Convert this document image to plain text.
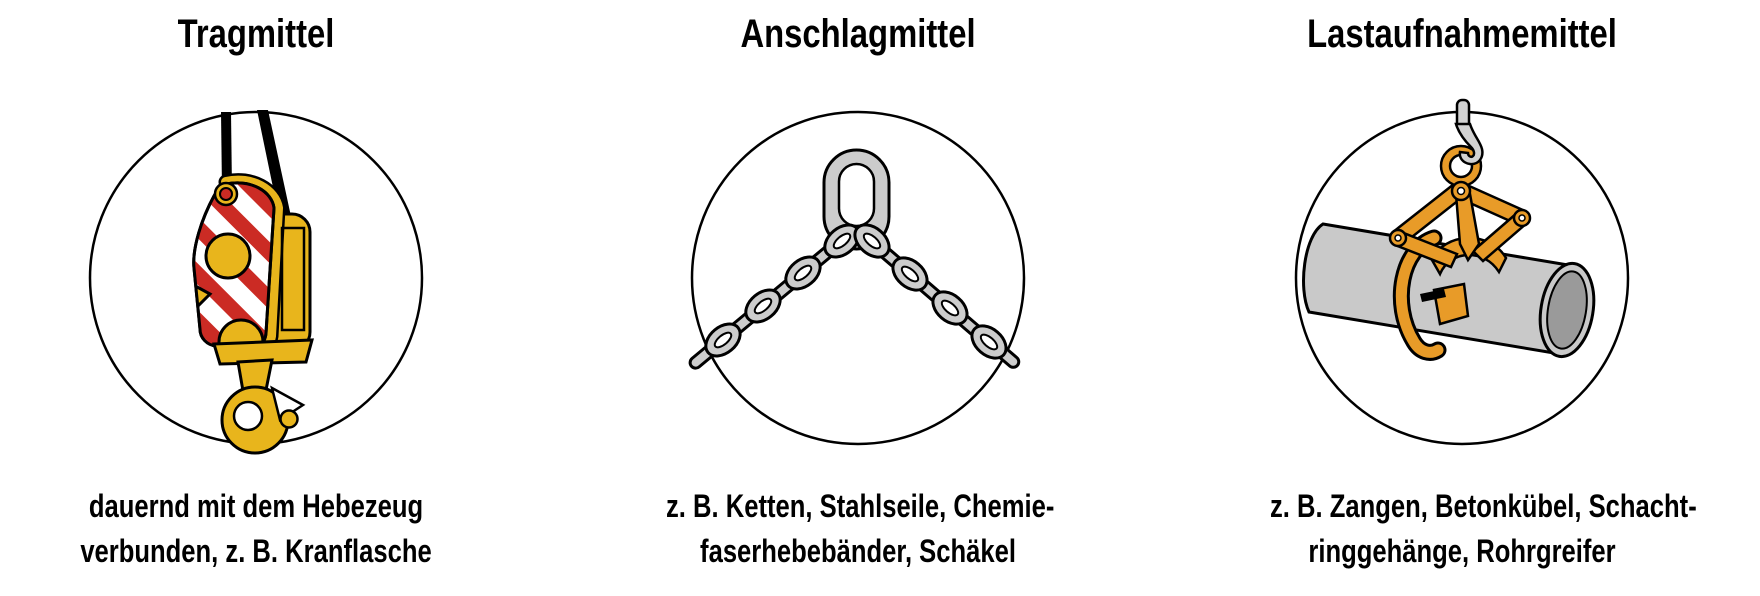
Tragmittel
dauernd mit dem Hebezeug
verbunden, z. B. Kranflasche
Anschlagmittel
z. B. Ketten, Stahlseile, Chemie-
faserhebebänder, Schäkel
Lastaufnahmemittel
z. B. Zangen, Betonkübel, Schacht-
ringgehänge, Rohrgreifer
